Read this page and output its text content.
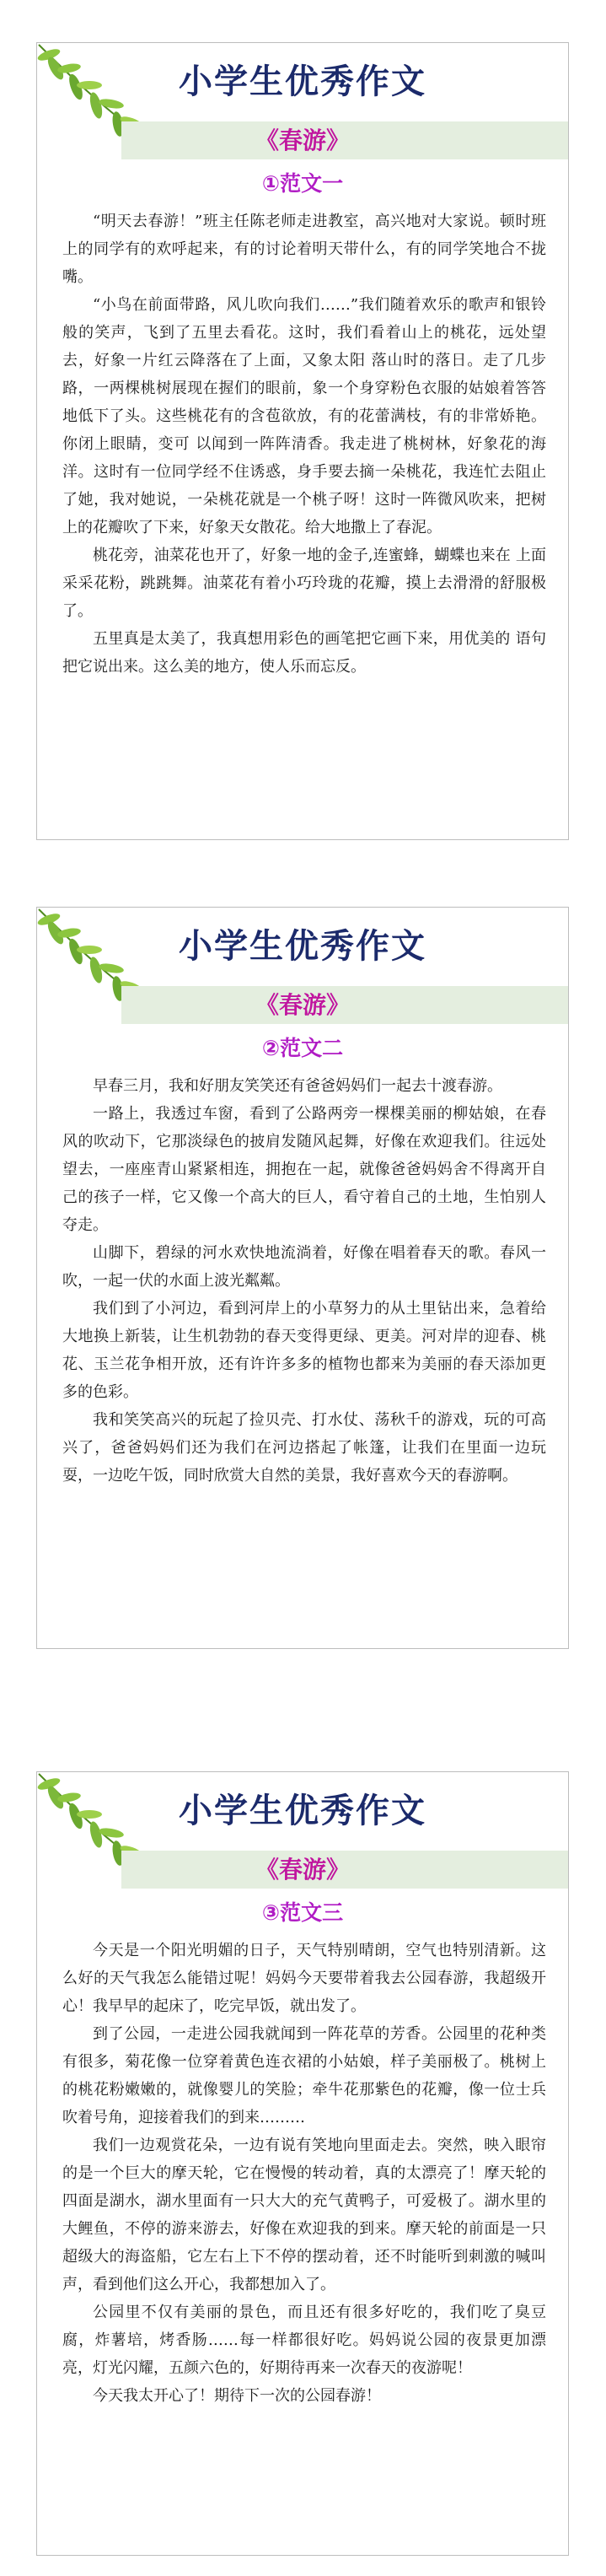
小学生优秀作文
《春游》
①范文一

“明天去春游！”班主任陈老师走进教室，高兴地对大家说。顿时班上的同学有的欢呼起来，有的讨论着明天带什么，有的同学笑地合不拢嘴。

“小鸟在前面带路，风儿吹向我们……”我们随着欢乐的歌声和银铃般的笑声，飞到了五里去看花。这时，我们看着山上的桃花，远处望去，好象一片红云降落在了上面，又象太阳 落山时的落日。走了几步路，一两棵桃树展现在握们的眼前，象一个身穿粉色衣服的姑娘着答答地低下了头。这些桃花有的含苞欲放，有的花蕾满枝，有的非常娇艳。你闭上眼睛，变可 以闻到一阵阵清香。我走进了桃树林，好象花的海洋。这时有一位同学经不住诱惑，身手要去摘一朵桃花，我连忙去阻止了她，我对她说，一朵桃花就是一个桃子呀！这时一阵微风吹来，把树上的花瓣吹了下来，好象天女散花。给大地撒上了春泥。

桃花旁，油菜花也开了，好象一地的金子,连蜜蜂，蝴蝶也来在 上面采采花粉，跳跳舞。油菜花有着小巧玲珑的花瓣，摸上去滑滑的舒服极了。

五里真是太美了，我真想用彩色的画笔把它画下来，用优美的 语句把它说出来。这么美的地方，使人乐而忘反。

小学生优秀作文
《春游》
②范文二

早春三月，我和好朋友笑笑还有爸爸妈妈们一起去十渡春游。

一路上，我透过车窗，看到了公路两旁一棵棵美丽的柳姑娘，在春风的吹动下，它那淡绿色的披肩发随风起舞，好像在欢迎我们。往远处望去，一座座青山紧紧相连，拥抱在一起，就像爸爸妈妈舍不得离开自己的孩子一样，它又像一个高大的巨人，看守着自己的土地，生怕别人夺走。

山脚下，碧绿的河水欢快地流淌着，好像在唱着春天的歌。春风一吹，一起一伏的水面上波光粼粼。

我们到了小河边，看到河岸上的小草努力的从土里钻出来，急着给大地换上新装，让生机勃勃的春天变得更绿、更美。河对岸的迎春、桃花、玉兰花争相开放，还有许许多多的植物也都来为美丽的春天添加更多的色彩。

我和笑笑高兴的玩起了捡贝壳、打水仗、荡秋千的游戏，玩的可高兴了，爸爸妈妈们还为我们在河边搭起了帐篷，让我们在里面一边玩耍，一边吃午饭，同时欣赏大自然的美景，我好喜欢今天的春游啊。

小学生优秀作文
《春游》
③范文三

今天是一个阳光明媚的日子，天气特别晴朗，空气也特别清新。这么好的天气我怎么能错过呢！妈妈今天要带着我去公园春游，我超级开心！我早早的起床了，吃完早饭，就出发了。

到了公园，一走进公园我就闻到一阵花草的芳香。公园里的花种类有很多，菊花像一位穿着黄色连衣裙的小姑娘，样子美丽极了。桃树上的桃花粉嫩嫩的，就像婴儿的笑脸；牵牛花那紫色的花瓣，像一位士兵吹着号角，迎接着我们的到来………

我们一边观赏花朵，一边有说有笑地向里面走去。突然，映入眼帘的是一个巨大的摩天轮，它在慢慢的转动着，真的太漂亮了！摩天轮的四面是湖水，湖水里面有一只大大的充气黄鸭子，可爱极了。湖水里的大鲤鱼，不停的游来游去，好像在欢迎我的到来。摩天轮的前面是一只超级大的海盗船，它左右上下不停的摆动着，还不时能听到刺激的喊叫声，看到他们这么开心，我都想加入了。

公园里不仅有美丽的景色，而且还有很多好吃的，我们吃了臭豆腐，炸薯培，烤香肠……每一样都很好吃。妈妈说公园的夜景更加漂亮，灯光闪耀，五颜六色的，好期待再来一次春天的夜游呢！

今天我太开心了！期待下一次的公园春游！
